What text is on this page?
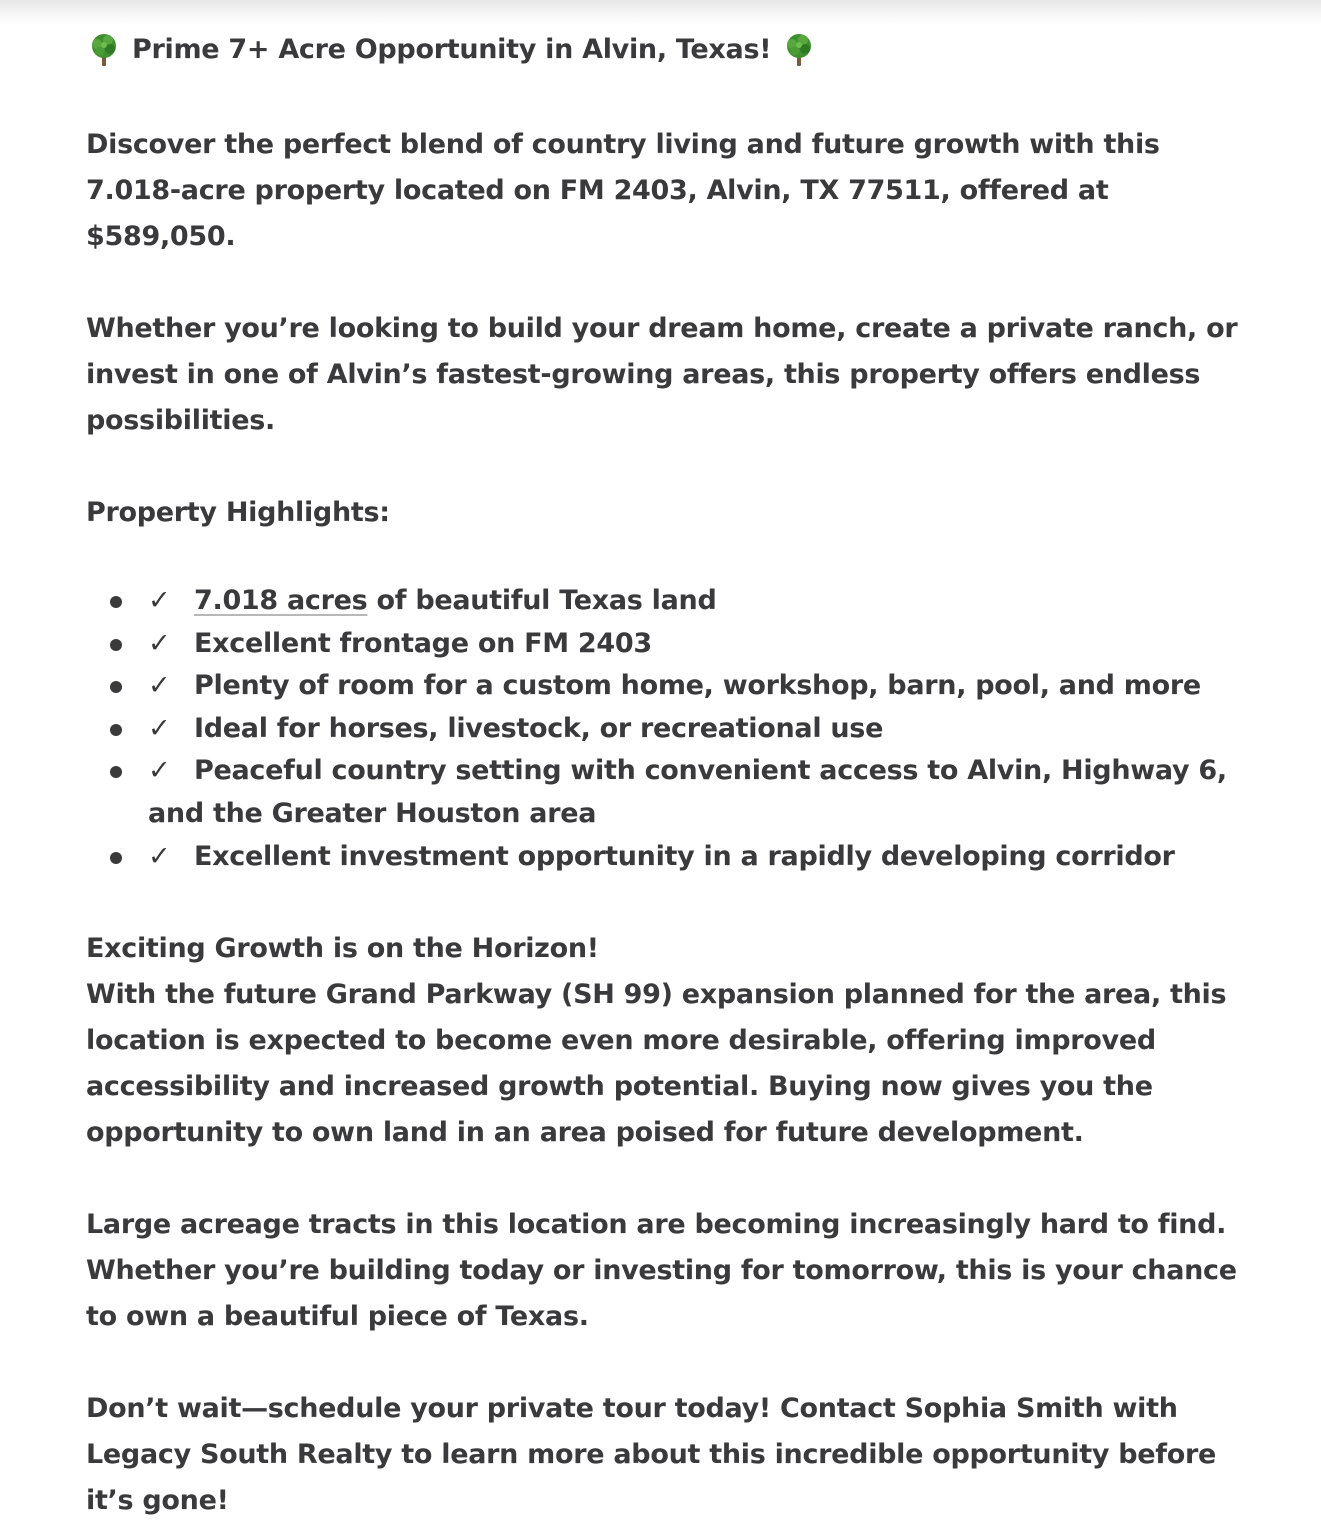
Prime 7+ Acre Opportunity in Alvin, Texas!

Discover the perfect blend of country living and future growth with this 7.018-acre property located on FM 2403, Alvin, TX 77511, offered at $589,050.

Whether you’re looking to build your dream home, create a private ranch, or invest in one of Alvin’s fastest-growing areas, this property offers endless possibilities.

Property Highlights:

✓ 7.018 acres of beautiful Texas land
✓ Excellent frontage on FM 2403
✓ Plenty of room for a custom home, workshop, barn, pool, and more
✓ Ideal for horses, livestock, or recreational use
✓ Peaceful country setting with convenient access to Alvin, Highway 6, and the Greater Houston area
✓ Excellent investment opportunity in a rapidly developing corridor

Exciting Growth is on the Horizon!

With the future Grand Parkway (SH 99) expansion planned for the area, this location is expected to become even more desirable, offering improved accessibility and increased growth potential. Buying now gives you the opportunity to own land in an area poised for future development.

Large acreage tracts in this location are becoming increasingly hard to find. Whether you’re building today or investing for tomorrow, this is your chance to own a beautiful piece of Texas.

Don’t wait—schedule your private tour today! Contact Sophia Smith with Legacy South Realty to learn more about this incredible opportunity before it’s gone!
